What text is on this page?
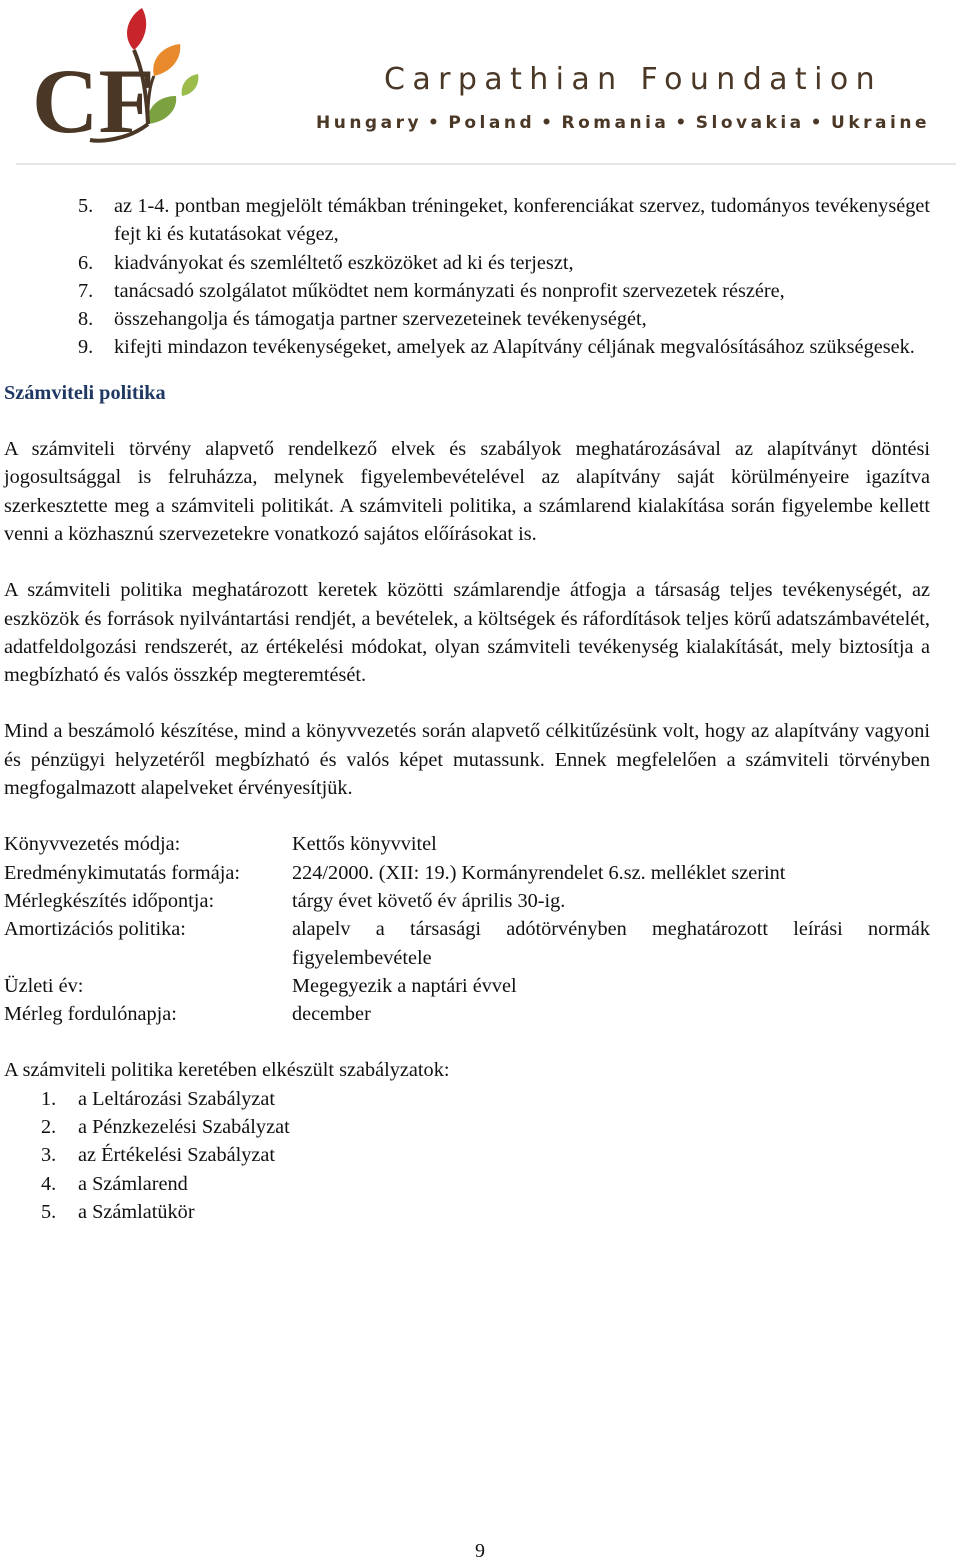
CF	Carpathian Foundation
Hungary • Poland • Romania • Slovakia • Ukraine
5. az 1-4. pontban megjelölt témákban tréningeket, konferenciákat szervez, tudományos tevékenységet fejt ki és kutatásokat végez,
6. kiadványokat és szemléltető eszközöket ad ki és terjeszt,
7. tanácsadó szolgálatot működtet nem kormányzati és nonprofit szervezetek részére,
8. összehangolja és támogatja partner szervezeteinek tevékenységét,
9. kifejti mindazon tevékenységeket, amelyek az Alapítvány céljának megvalósításához szükségesek.
Számviteli politika

A számviteli törvény alapvető rendelkező elvek és szabályok meghatározásával az alapítványt döntési jogosultsággal is felruházza, melynek figyelembevételével az alapítvány saját körülményeire igazítva szerkesztette meg a számviteli politikát. A számviteli politika, a számlarend kialakítása során figyelembe kellett venni a közhasznú szervezetekre vonatkozó sajátos előírásokat is.

A számviteli politika meghatározott keretek közötti számlarendje átfogja a társaság teljes tevékenységét, az eszközök és források nyilvántartási rendjét, a bevételek, a költségek és ráfordítások teljes körű adatszámbavételét, adatfeldolgozási rendszerét, az értékelési módokat, olyan számviteli tevékenység kialakítását, mely biztosítja a megbízható és valós összkép megteremtését.

Mind a beszámoló készítése, mind a könyvvezetés során alapvető célkitűzésünk volt, hogy az alapítvány vagyoni és pénzügyi helyzetéről megbízható és valós képet mutassunk. Ennek megfelelően a számviteli törvényben megfogalmazott alapelveket érvényesítjük.

Könyvvezetés módja:	Kettős könyvvitel
Eredménykimutatás formája:	224/2000. (XII: 19.) Kormányrendelet 6.sz. melléklet szerint
Mérlegkészítés időpontja:	tárgy évet követő év április 30-ig.
Amortizációs politika:	alapelv a társasági adótörvényben meghatározott leírási normák figyelembevétele
Üzleti év:	Megegyezik a naptári évvel
Mérleg fordulónapja:	december

A számviteli politika keretében elkészült szabályzatok:

1. a Leltározási Szabályzat
2. a Pénzkezelési Szabályzat
3. az Értékelési Szabályzat
4. a Számlarend
5. a Számlatükör
9
